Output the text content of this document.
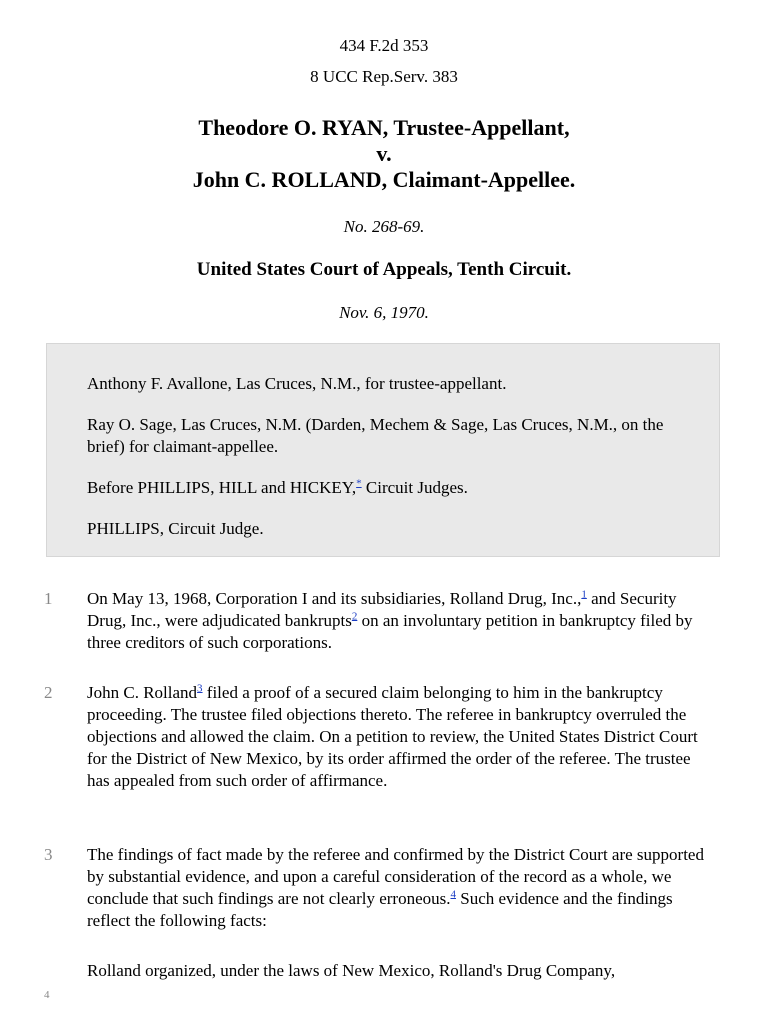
434 F.2d 353
8 UCC Rep.Serv. 383
Theodore O. RYAN, Trustee-Appellant,
v.
John C. ROLLAND, Claimant-Appellee.
No. 268-69.
United States Court of Appeals, Tenth Circuit.
Nov. 6, 1970.

Anthony F. Avallone, Las Cruces, N.M., for trustee-appellant.

Ray O. Sage, Las Cruces, N.M. (Darden, Mechem & Sage, Las Cruces, N.M., on the brief) for claimant-appellee.

Before PHILLIPS, HILL and HICKEY,* Circuit Judges.

PHILLIPS, Circuit Judge.

1 On May 13, 1968, Corporation I and its subsidiaries, Rolland Drug, Inc.,$^1$ and Security Drug, Inc., were adjudicated bankrupts$^2$ on an involuntary petition in bankruptcy filed by three creditors of such corporations.

2 John C. Rolland$^3$ filed a proof of a secured claim belonging to him in the bankruptcy proceeding. The trustee filed objections thereto. The referee in bankruptcy overruled the objections and allowed the claim. On a petition to review, the United States District Court for the District of New Mexico, by its order affirmed the order of the referee. The trustee has appealed from such order of affirmance.

3 The findings of fact made by the referee and confirmed by the District Court are supported by substantial evidence, and upon a careful consideration of the record as a whole, we conclude that such findings are not clearly erroneous.$^4$ Such evidence and the findings reflect the following facts:

4

Rolland organized, under the laws of New Mexico, Rolland's Drug Company,
